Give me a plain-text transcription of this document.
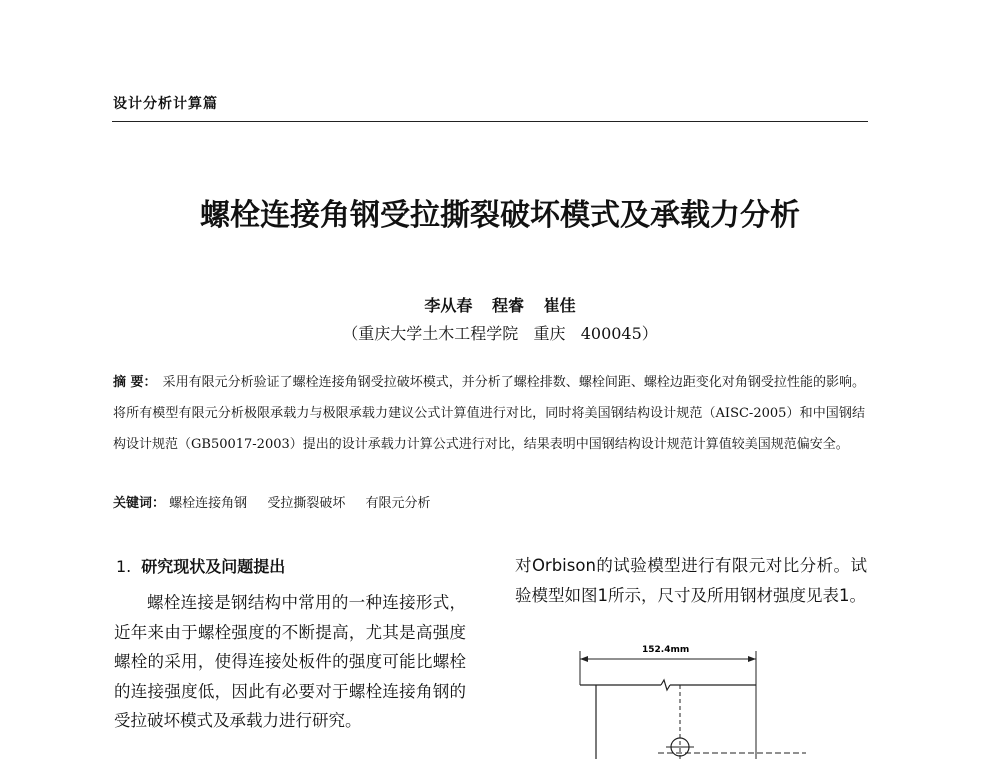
设计分析计算篇
螺栓连接角钢受拉撕裂破坏模式及承载力分析
李从春 程睿 崔佳
（重庆大学土木工程学院   重庆   400045）
摘 要： 采用有限元分析验证了螺栓连接角钢受拉破坏模式，并分析了螺栓排数、螺栓间距、螺栓边距变化对角钢受拉性能的影响。将所有模型有限元分析极限承载力与极限承载力建议公式计算值进行对比，同时将美国钢结构设计规范（AISC-2005）和中国钢结构设计规范（GB50017-2003）提出的设计承载力计算公式进行对比，结果表明中国钢结构设计规范计算值较美国规范偏安全。
关键词： 螺栓连接角钢 受拉撕裂破坏 有限元分析
1. 研究现状及问题提出
螺栓连接是钢结构中常用的一种连接形式，近年来由于螺栓强度的不断提高，尤其是高强度螺栓的采用，使得连接处板件的强度可能比螺栓的连接强度低，因此有必要对于螺栓连接角钢的受拉破坏模式及承载力进行研究。
对Orbison的试验模型进行有限元对比分析。试验模型如图1所示，尺寸及所用钢材强度见表1。
152.4mm
